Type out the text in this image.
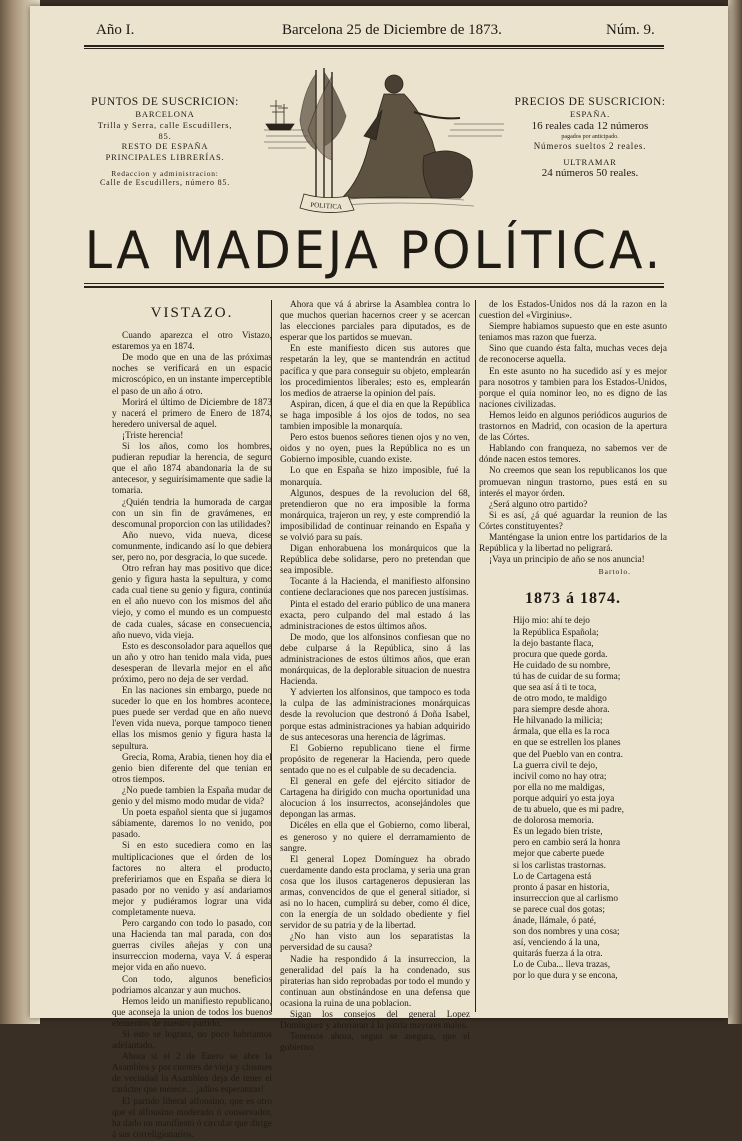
Año I.	Barcelona 25 de Diciembre de 1873.	Núm. 9.
PUNTOS DE SUSCRICION:
BARCELONA
Trilla y Serra, calle Escudillers, 85.
RESTO DE ESPAÑA
PRINCIPALES LIBRERÍAS.
Redaccion y administracion:
Calle de Escudillers, número 85.
PRECIOS DE SUSCRICION:
ESPAÑA.
16 reales cada 12 números
pagados por anticipado.
Números sueltos 2 reales.
ULTRAMAR
24 números 50 reales.
POLITICA
LA MADEJA POLÍTICA.
VISTAZO.

Cuando aparezca el otro Vistazo, estaremos ya en 1874.

De modo que en una de las próximas noches se verificará en un espacio microscópico, en un instante imperceptible el paso de un año á otro.

Morirá el último de Diciembre de 1873 y nacerá el primero de Enero de 1874, heredero universal de aquel.

¡Triste herencia!

Si los años, como los hombres, pudieran repudiar la herencia, de seguro que el año 1874 abandonaria la de su antecesor, y seguirísimamente que sadie la tomaria.

¿Quién tendria la humorada de cargar con un sin fin de gravámenes, en descomunal proporcion con las utilidades?

Año nuevo, vida nueva, dicese comunmente, indicando así lo que debiera ser, pero no, por desgracia, lo que sucede.

Otro refran hay mas positivo que dice: genio y figura hasta la sepultura, y como cada cual tiene su genio y figura, continúa en el año nuevo con los mismos del año viejo, y como el mundo es un compuesto de cada cuales, sácase en consecuencia, año nuevo, vida vieja.

Esto es desconsolador para aquellos que un año y otro han tenido mala vida, pues desesperan de llevarla mejor en el año próximo, pero no deja de ser verdad.

En las naciones sin embargo, puede no suceder lo que en los hombres acontece, pues puede ser verdad que en año nuevo l'even vida nueva, porque tampoco tienen ellas los mismos genio y figura hasta la sepultura.

Grecia, Roma, Arabia, tienen hoy dia el genio bien diferente del que tenian en otros tiempos.

¿No puede tambien la España mudar de genio y del mismo modo mudar de vida?

Un poeta español sienta que si jugamos sábiamente, daremos lo no venido, por pasado.

Si en esto sucediera como en las multiplicaciones que el órden de los factores no altera el producto, prefeririamos que en España se diera lo pasado por no venido y así andariamos mejor y pudiéramos lograr una vida completamente nueva.

Pero cargando con todo lo pasado, con una Hacienda tan mal parada, con dos guerras civiles añejas y con una insurreccion moderna, vaya V. á esperar mejor vida en año nuevo.

Con todo, algunos beneficios podriamos alcanzar y aun muchos.

Hemos leido un manifiesto republicano, que aconseja la union de todos los buenos elementos de nuestro partido.

Si esto se lograra, no poco habriamos adelantado.

Ahora si el 2 de Enero se abre la Asamblea y por cuentes de vieja y chismes de vecindad la Asamblea deja de tener el carácter que merece... ¡adios esperanzas!

El partido liberal alfonsino, que es otro que el alfonsino moderado ó conservador, ha dado un manifiesto ó circular que dirige á sus correligionarios.

Ahora que vá á abrirse la Asamblea contra lo que muchos querian hacernos creer y se acercan las elecciones parciales para diputados, es de esperar que los partidos se muevan.

En este manifiesto dicen sus autores que respetarán la ley, que se mantendrán en actitud pacífica y que para conseguir su objeto, emplearán los procedimientos liberales; esto es, emplearán los medios de atraerse la opinion del país.

Aspiran, dicen, á que el dia en que la República se haga imposible á los ojos de todos, no sea tambien imposible la monarquía.

Pero estos buenos señores tienen ojos y no ven, oidos y no oyen, pues la República no es un Gobierno imposible, cuando existe.

Lo que en España se hizo imposible, fué la monarquía.

Algunos, despues de la revolucion del 68, pretendieron que no era imposible la forma monárquica, trajeron un rey, y este comprendió la imposibilidad de continuar reinando en España y se volvió para su país.

Digan enhorabuena los monárquicos que la República debe solidarse, pero no pretendan que sea imposible.

Tocante á la Hacienda, el manifiesto alfonsino contiene declaraciones que nos parecen justísimas.

Pinta el estado del erario público de una manera exacta, pero culpando del mal estado á las administraciones de estos últimos años.

De modo, que los alfonsinos confiesan que no debe culparse á la República, sino á las administraciones de estos últimos años, que eran monárquicas, de la deplorable situacion de nuestra Hacienda.

Y advierten los alfonsinos, que tampoco es toda la culpa de las administraciones monárquicas desde la revolucion que destronó á Doña Isabel, porque estas administraciones ya habian adquirido de sus antecesoras una herencia de lágrimas.

El Gobierno republicano tiene el firme propósito de regenerar la Hacienda, pero quede sentado que no es el culpable de su decadencia.

El general en gefe del ejército sitiador de Cartagena ha dirigido con mucha oportunidad una alocucion á los insurrectos, aconsejándoles que depongan las armas.

Dicéles en ella que el Gobierno, como liberal, es generoso y no quiere el derramamiento de sangre.

El general Lopez Domínguez ha obrado cuerdamente dando esta proclama, y seria una gran cosa que los ilusos cartageneros depusieran las armas, convencidos de que el general sitiador, si asi no lo hacen, cumplirá su deber, como él dice, con la energía de un soldado obediente y fiel servidor de su patria y de la libertad.

¿No han visto aun los separatistas la perversidad de su causa?

Nadie ha respondido á la insurreccion, la generalidad del país la ha condenado, sus piraterias han sido reprobadas por todo el mundo y continuan aun obstinándose en una defensa que ocasiona la ruina de una poblacion.

Sigan los consejos del general Lopez Domínguez y ahorraran á la patria mayores males.

Tenemos ahora, segun se asegura, que el gobierno

de los Estados-Unidos nos dá la razon en la cuestion del «Virginius».

Siempre habiamos supuesto que en este asunto teniamos mas razon que fuerza.

Sino que cuando ésta falta, muchas veces deja de reconocerse aquella.

En este asunto no ha sucedido así y es mejor para nosotros y tambien para los Estados-Unidos, porque el quia nominor leo, no es digno de las naciones civilizadas.

Hemos leido en algunos periódicos augurios de trastornos en Madrid, con ocasion de la apertura de las Córtes.

Hablando con franqueza, no sabemos ver de dónde nacen estos temores.

No creemos que sean los republicanos los que promuevan ningun trastorno, pues está en su interés el mayor órden.

¿Será alguno otro partido?

Si es así, ¿á qué aguardar la reunion de las Córtes constituyentes?

Manténgase la union entre los partidarios de la República y la libertad no peligrará.

¡Vaya un principio de año se nos anuncia!

Bartolo.

1873 á 1874.
Hijo mio: ahí te dejo
la República Española;
la dejo bastante flaca,
procura que quede gorda.
He cuidado de su nombre,
tú has de cuidar de su forma;
que sea así á ti te toca,
de otro modo, te maldigo
para siempre desde ahora.
He hilvanado la milicia;
ármala, que ella es la roca
en que se estrellen los planes
que del Pueblo van en contra.
La guerra civil te dejo,
incivil como no hay otra;
por ella no me maldigas,
porque adquirí yo esta joya
de tu abuelo, que es mi padre,
de dolorosa memoria.
Es un legado bien triste,
pero en cambio será la honra
mejor que caberte puede
si los carlistas trastornas.
Lo de Cartagena está
pronto á pasar en historia,
insurreccion que al carlismo
se parece cual dos gotas;
ánade, llámale, ó paté,
son dos nombres y una cosa;
así, venciendo á la una,
quitarás fuerza á la otra.
Lo de Cuba... lleva trazas,
por lo que dura y se encona,
